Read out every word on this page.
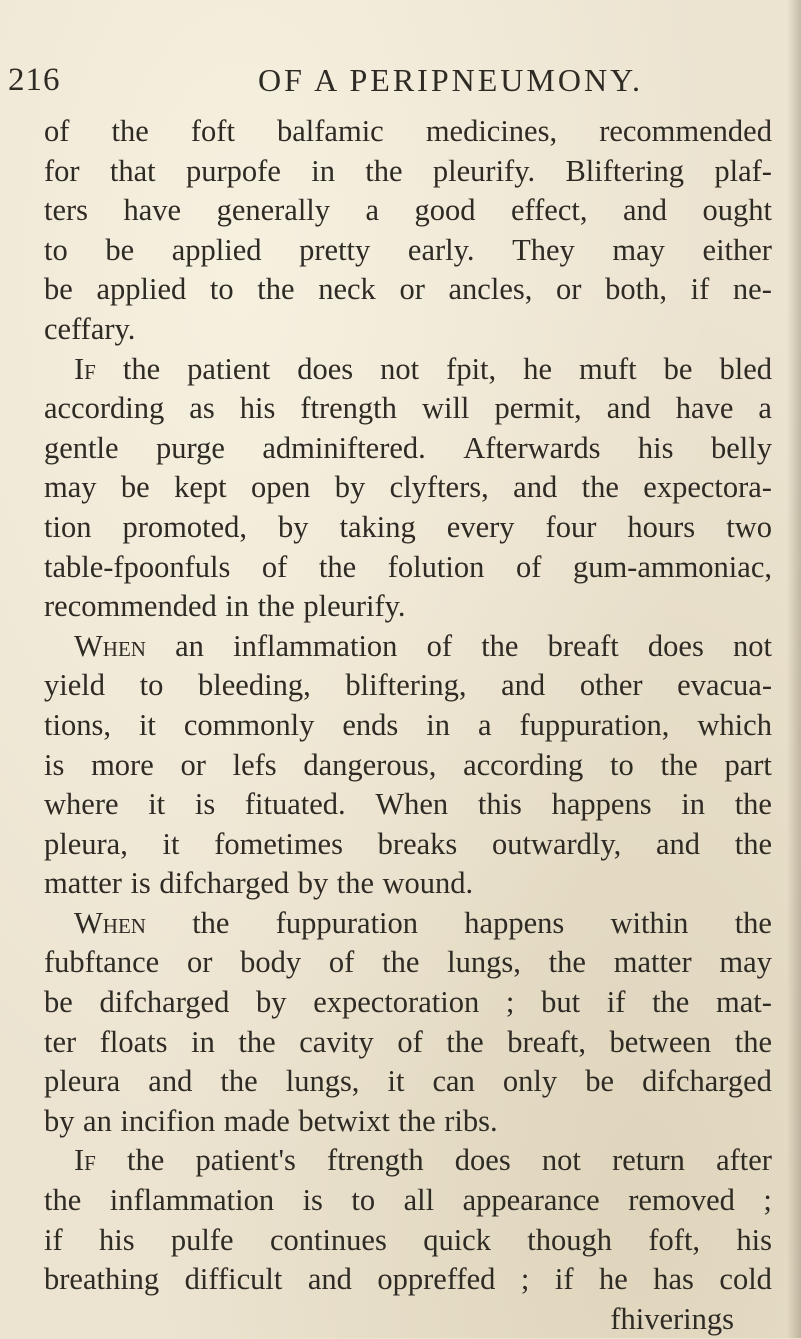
216	OF A PERIPNEUMONY.
of the foft balfamic medicines, recommended
for that purpofe in the pleurify. Bliftering plaf-
ters have generally a good effect, and ought
to be applied pretty early. They may either
be applied to the neck or ancles, or both, if ne-
ceffary.
If the patient does not fpit, he muft be bled
according as his ftrength will permit, and have a
gentle purge adminiftered. Afterwards his belly
may be kept open by clyfters, and the expectora-
tion promoted, by taking every four hours two
table-fpoonfuls of the folution of gum-ammoniac,
recommended in the pleurify.
When an inflammation of the breaft does not
yield to bleeding, bliftering, and other evacua-
tions, it commonly ends in a fuppuration, which
is more or lefs dangerous, according to the part
where it is fituated. When this happens in the
pleura, it fometimes breaks outwardly, and the
matter is difcharged by the wound.
When the fuppuration happens within the
fubftance or body of the lungs, the matter may
be difcharged by expectoration ; but if the mat-
ter floats in the cavity of the breaft, between the
pleura and the lungs, it can only be difcharged
by an incifion made betwixt the ribs.
If the patient's ftrength does not return after
the inflammation is to all appearance removed ;
if his pulfe continues quick though foft, his
breathing difficult and oppreffed ; if he has cold
fhiverings
